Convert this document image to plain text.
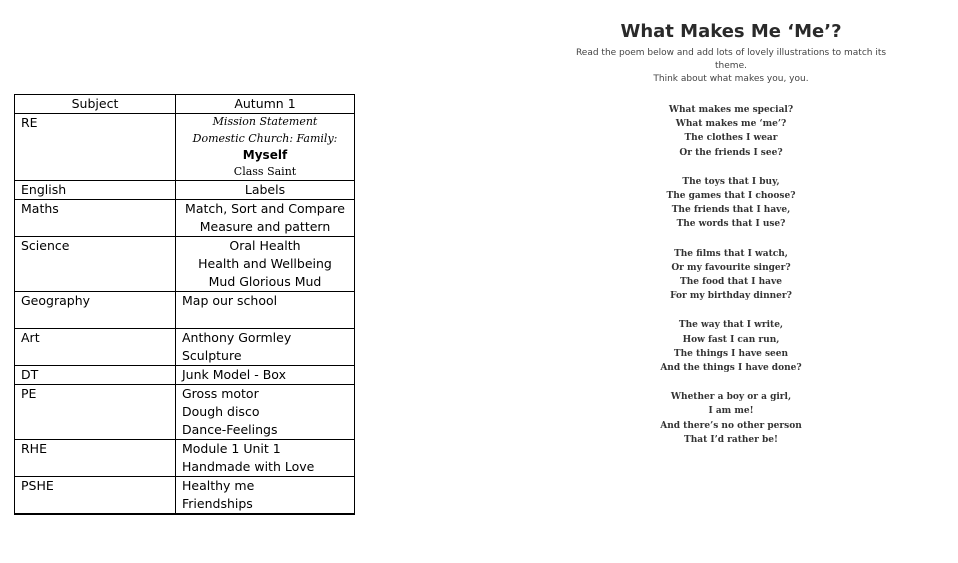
Subject	Autumn 1
RE	Mission Statement
Domestic Church: Family:
Myself
Class Saint

English	Labels

Maths	Match, Sort and Compare
Measure and pattern

Science	Oral Health
Health and Wellbeing
Mud Glorious Mud

Geography	Map our school

Art	Anthony Gormley
Sculpture

DT	Junk Model - Box

PE	Gross motor
Dough disco
Dance-Feelings

RHE	Module 1 Unit 1
Handmade with Love

PSHE	Healthy me
Friendships
What Makes Me ‘Me’?
Read the poem below and add lots of lovely illustrations to match its theme.
Think about what makes you, you.
What makes me special?
What makes me ‘me’?
The clothes I wear
Or the friends I see?
The toys that I buy,
The games that I choose?
The friends that I have,
The words that I use?
The films that I watch,
Or my favourite singer?
The food that I have
For my birthday dinner?
The way that I write,
How fast I can run,
The things I have seen
And the things I have done?
Whether a boy or a girl,
I am me!
And there’s no other person
That I’d rather be!
